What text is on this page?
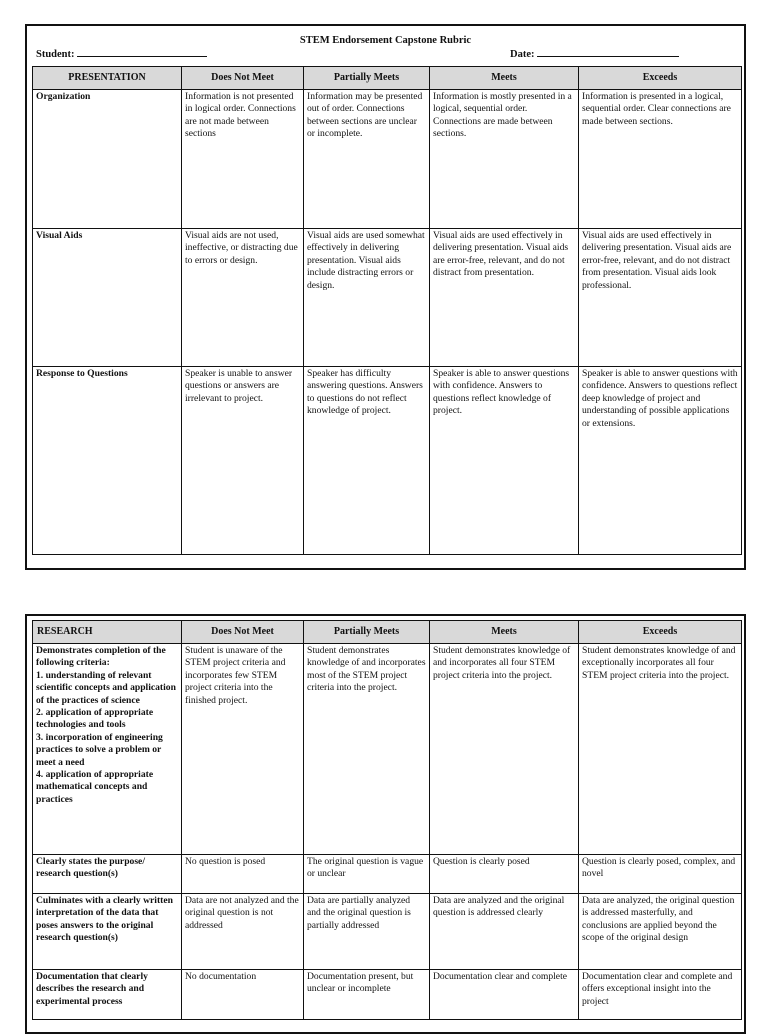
STEM Endorsement Capstone Rubric
Student:	Date:
PRESENTATION	Does Not Meet	Partially Meets	Meets	Exceeds
Organization	Information is not presented in logical order. Connections are not made between sections	Information may be presented out of order. Connections between sections are unclear or incomplete.	Information is mostly presented in a logical, sequential order. Connections are made between sections.	Information is presented in a logical, sequential order. Clear connections are made between sections.
Visual Aids	Visual aids are not used, ineffective, or distracting due to errors or design.	Visual aids are used somewhat effectively in delivering presentation. Visual aids include distracting errors or design.	Visual aids are used effectively in delivering presentation. Visual aids are error-free, relevant, and do not distract from presentation.	Visual aids are used effectively in delivering presentation. Visual aids are error-free, relevant, and do not distract from presentation. Visual aids look professional.
Response to Questions	Speaker is unable to answer questions or answers are irrelevant to project.	Speaker has difficulty answering questions. Answers to questions do not reflect knowledge of project.	Speaker is able to answer questions with confidence. Answers to questions reflect knowledge of project.	Speaker is able to answer questions with confidence. Answers to questions reflect deep knowledge of project and understanding of possible applications or extensions.
RESEARCH	Does Not Meet	Partially Meets	Meets	Exceeds
Demonstrates completion of the following criteria:
1. understanding of relevant scientific concepts and application of the practices of science
2. application of appropriate technologies and tools
3. incorporation of engineering practices to solve a problem or meet a need
4. application of appropriate mathematical concepts and practices	Student is unaware of the STEM project criteria and incorporates few STEM project criteria into the finished project.	Student demonstrates knowledge of and incorporates most of the STEM project criteria into the project.	Student demonstrates knowledge of and incorporates all four STEM project criteria into the project.	Student demonstrates knowledge of and exceptionally incorporates all four STEM project criteria into the project.
Clearly states the purpose/ research question(s)	No question is posed	The original question is vague or unclear	Question is clearly posed	Question is clearly posed, complex, and novel
Culminates with a clearly written interpretation of the data that poses answers to the original research question(s)	Data are not analyzed and the original question is not addressed	Data are partially analyzed and the original question is partially addressed	Data are analyzed and the original question is addressed clearly	Data are analyzed, the original question is addressed masterfully, and conclusions are applied beyond the scope of the original design
Documentation that clearly describes the research and experimental process	No documentation	Documentation present, but unclear or incomplete	Documentation clear and complete	Documentation clear and complete and offers exceptional insight into the project
